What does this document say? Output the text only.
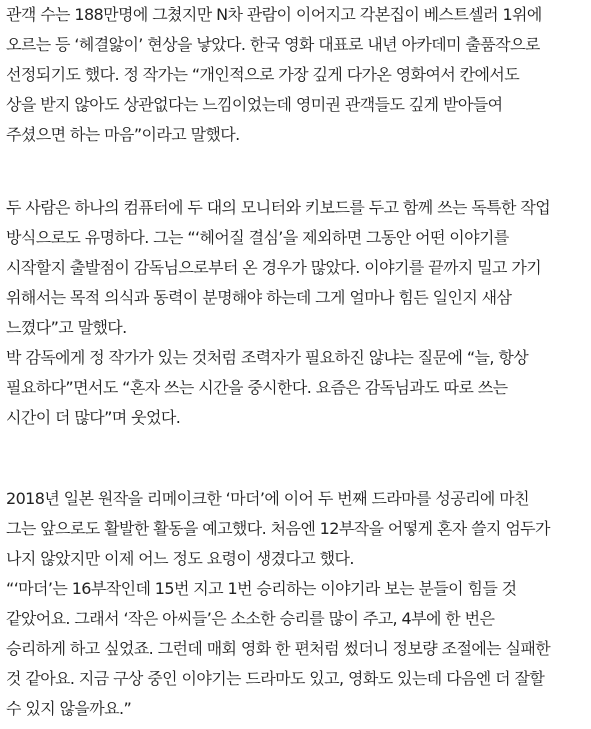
관객 수는 188만명에 그쳤지만 N차 관람이 이어지고 각본집이 베스트셀러 1위에
오르는 등 ‘헤결앓이’ 현상을 낳았다. 한국 영화 대표로 내년 아카데미 출품작으로
선정되기도 했다. 정 작가는 “개인적으로 가장 깊게 다가온 영화여서 칸에서도
상을 받지 않아도 상관없다는 느낌이었는데 영미권 관객들도 깊게 받아들여
주셨으면 하는 마음”이라고 말했다.
두 사람은 하나의 컴퓨터에 두 대의 모니터와 키보드를 두고 함께 쓰는 독특한 작업
방식으로도 유명하다. 그는 “‘헤어질 결심’을 제외하면 그동안 어떤 이야기를
시작할지 출발점이 감독님으로부터 온 경우가 많았다. 이야기를 끝까지 밀고 가기
위해서는 목적 의식과 동력이 분명해야 하는데 그게 얼마나 힘든 일인지 새삼
느꼈다”고 말했다.
박 감독에게 정 작가가 있는 것처럼 조력자가 필요하진 않냐는 질문에 “늘, 항상
필요하다”면서도 “혼자 쓰는 시간을 중시한다. 요즘은 감독님과도 따로 쓰는
시간이 더 많다”며 웃었다.
2018년 일본 원작을 리메이크한 ‘마더’에 이어 두 번째 드라마를 성공리에 마친
그는 앞으로도 활발한 활동을 예고했다. 처음엔 12부작을 어떻게 혼자 쓸지 엄두가
나지 않았지만 이제 어느 정도 요령이 생겼다고 했다.
“‘마더’는 16부작인데 15번 지고 1번 승리하는 이야기라 보는 분들이 힘들 것
같았어요. 그래서 ‘작은 아씨들’은 소소한 승리를 많이 주고, 4부에 한 번은
승리하게 하고 싶었죠. 그런데 매회 영화 한 편처럼 썼더니 정보량 조절에는 실패한
것 같아요. 지금 구상 중인 이야기는 드라마도 있고, 영화도 있는데 다음엔 더 잘할
수 있지 않을까요.”
